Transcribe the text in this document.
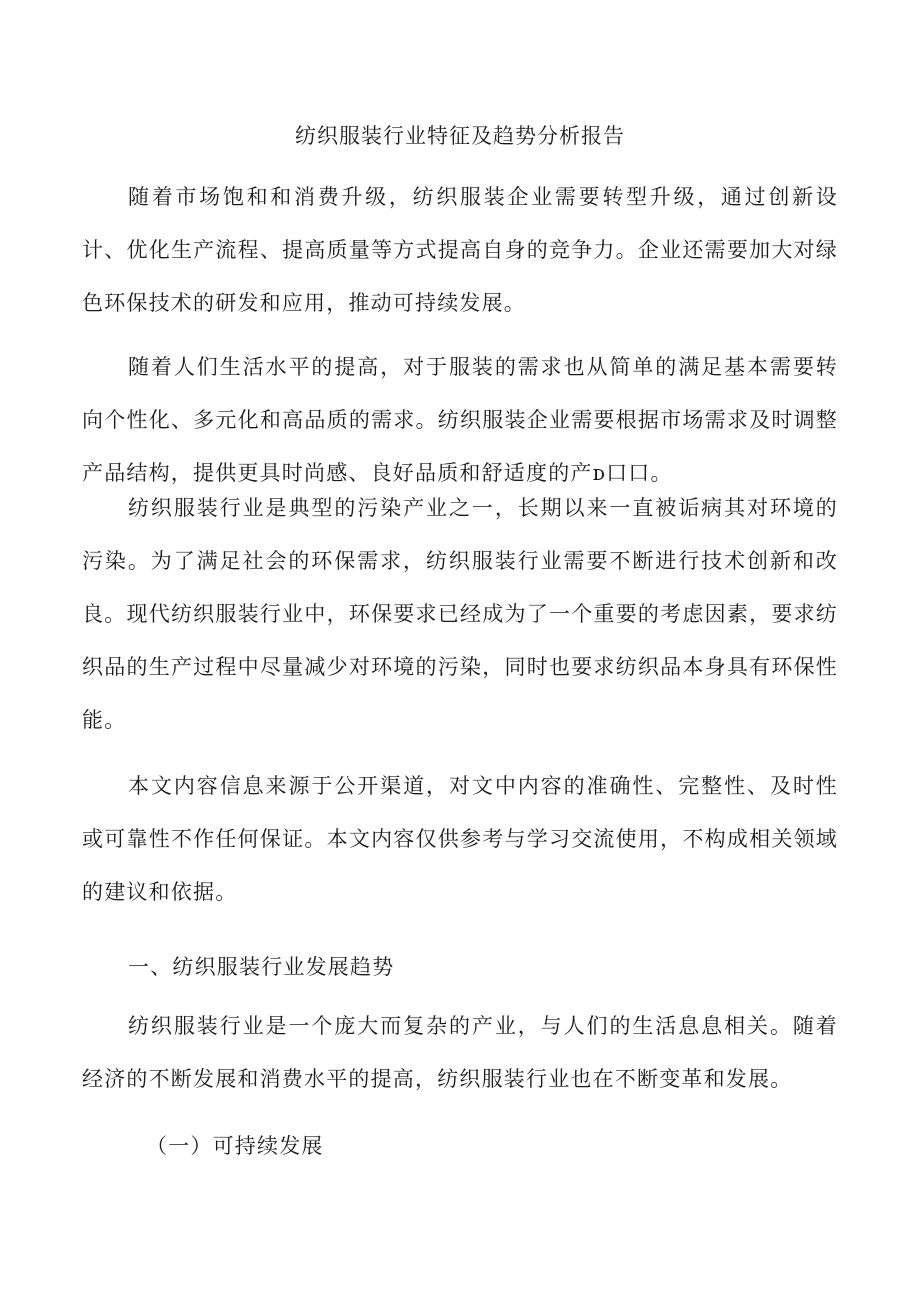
纺织服装行业特征及趋势分析报告

随着市场饱和和消费升级，纺织服装企业需要转型升级，通过创新设计、优化生产流程、提高质量等方式提高自身的竞争力。企业还需要加大对绿色环保技术的研发和应用，推动可持续发展。

随着人们生活水平的提高，对于服装的需求也从简单的满足基本需要转向个性化、多元化和高品质的需求。纺织服装企业需要根据市场需求及时调整产品结构，提供更具时尚感、良好品质和舒适度的产ᴅ口口。

纺织服装行业是典型的污染产业之一，长期以来一直被诟病其对环境的污染。为了满足社会的环保需求，纺织服装行业需要不断进行技术创新和改良。现代纺织服装行业中，环保要求已经成为了一个重要的考虑因素，要求纺织品的生产过程中尽量减少对环境的污染，同时也要求纺织品本身具有环保性能。

本文内容信息来源于公开渠道，对文中内容的准确性、完整性、及时性或可靠性不作任何保证。本文内容仅供参考与学习交流使用，不构成相关领域的建议和依据。

一、纺织服装行业发展趋势

纺织服装行业是一个庞大而复杂的产业，与人们的生活息息相关。随着经济的不断发展和消费水平的提高，纺织服装行业也在不断变革和发展。

（一）可持续发展
